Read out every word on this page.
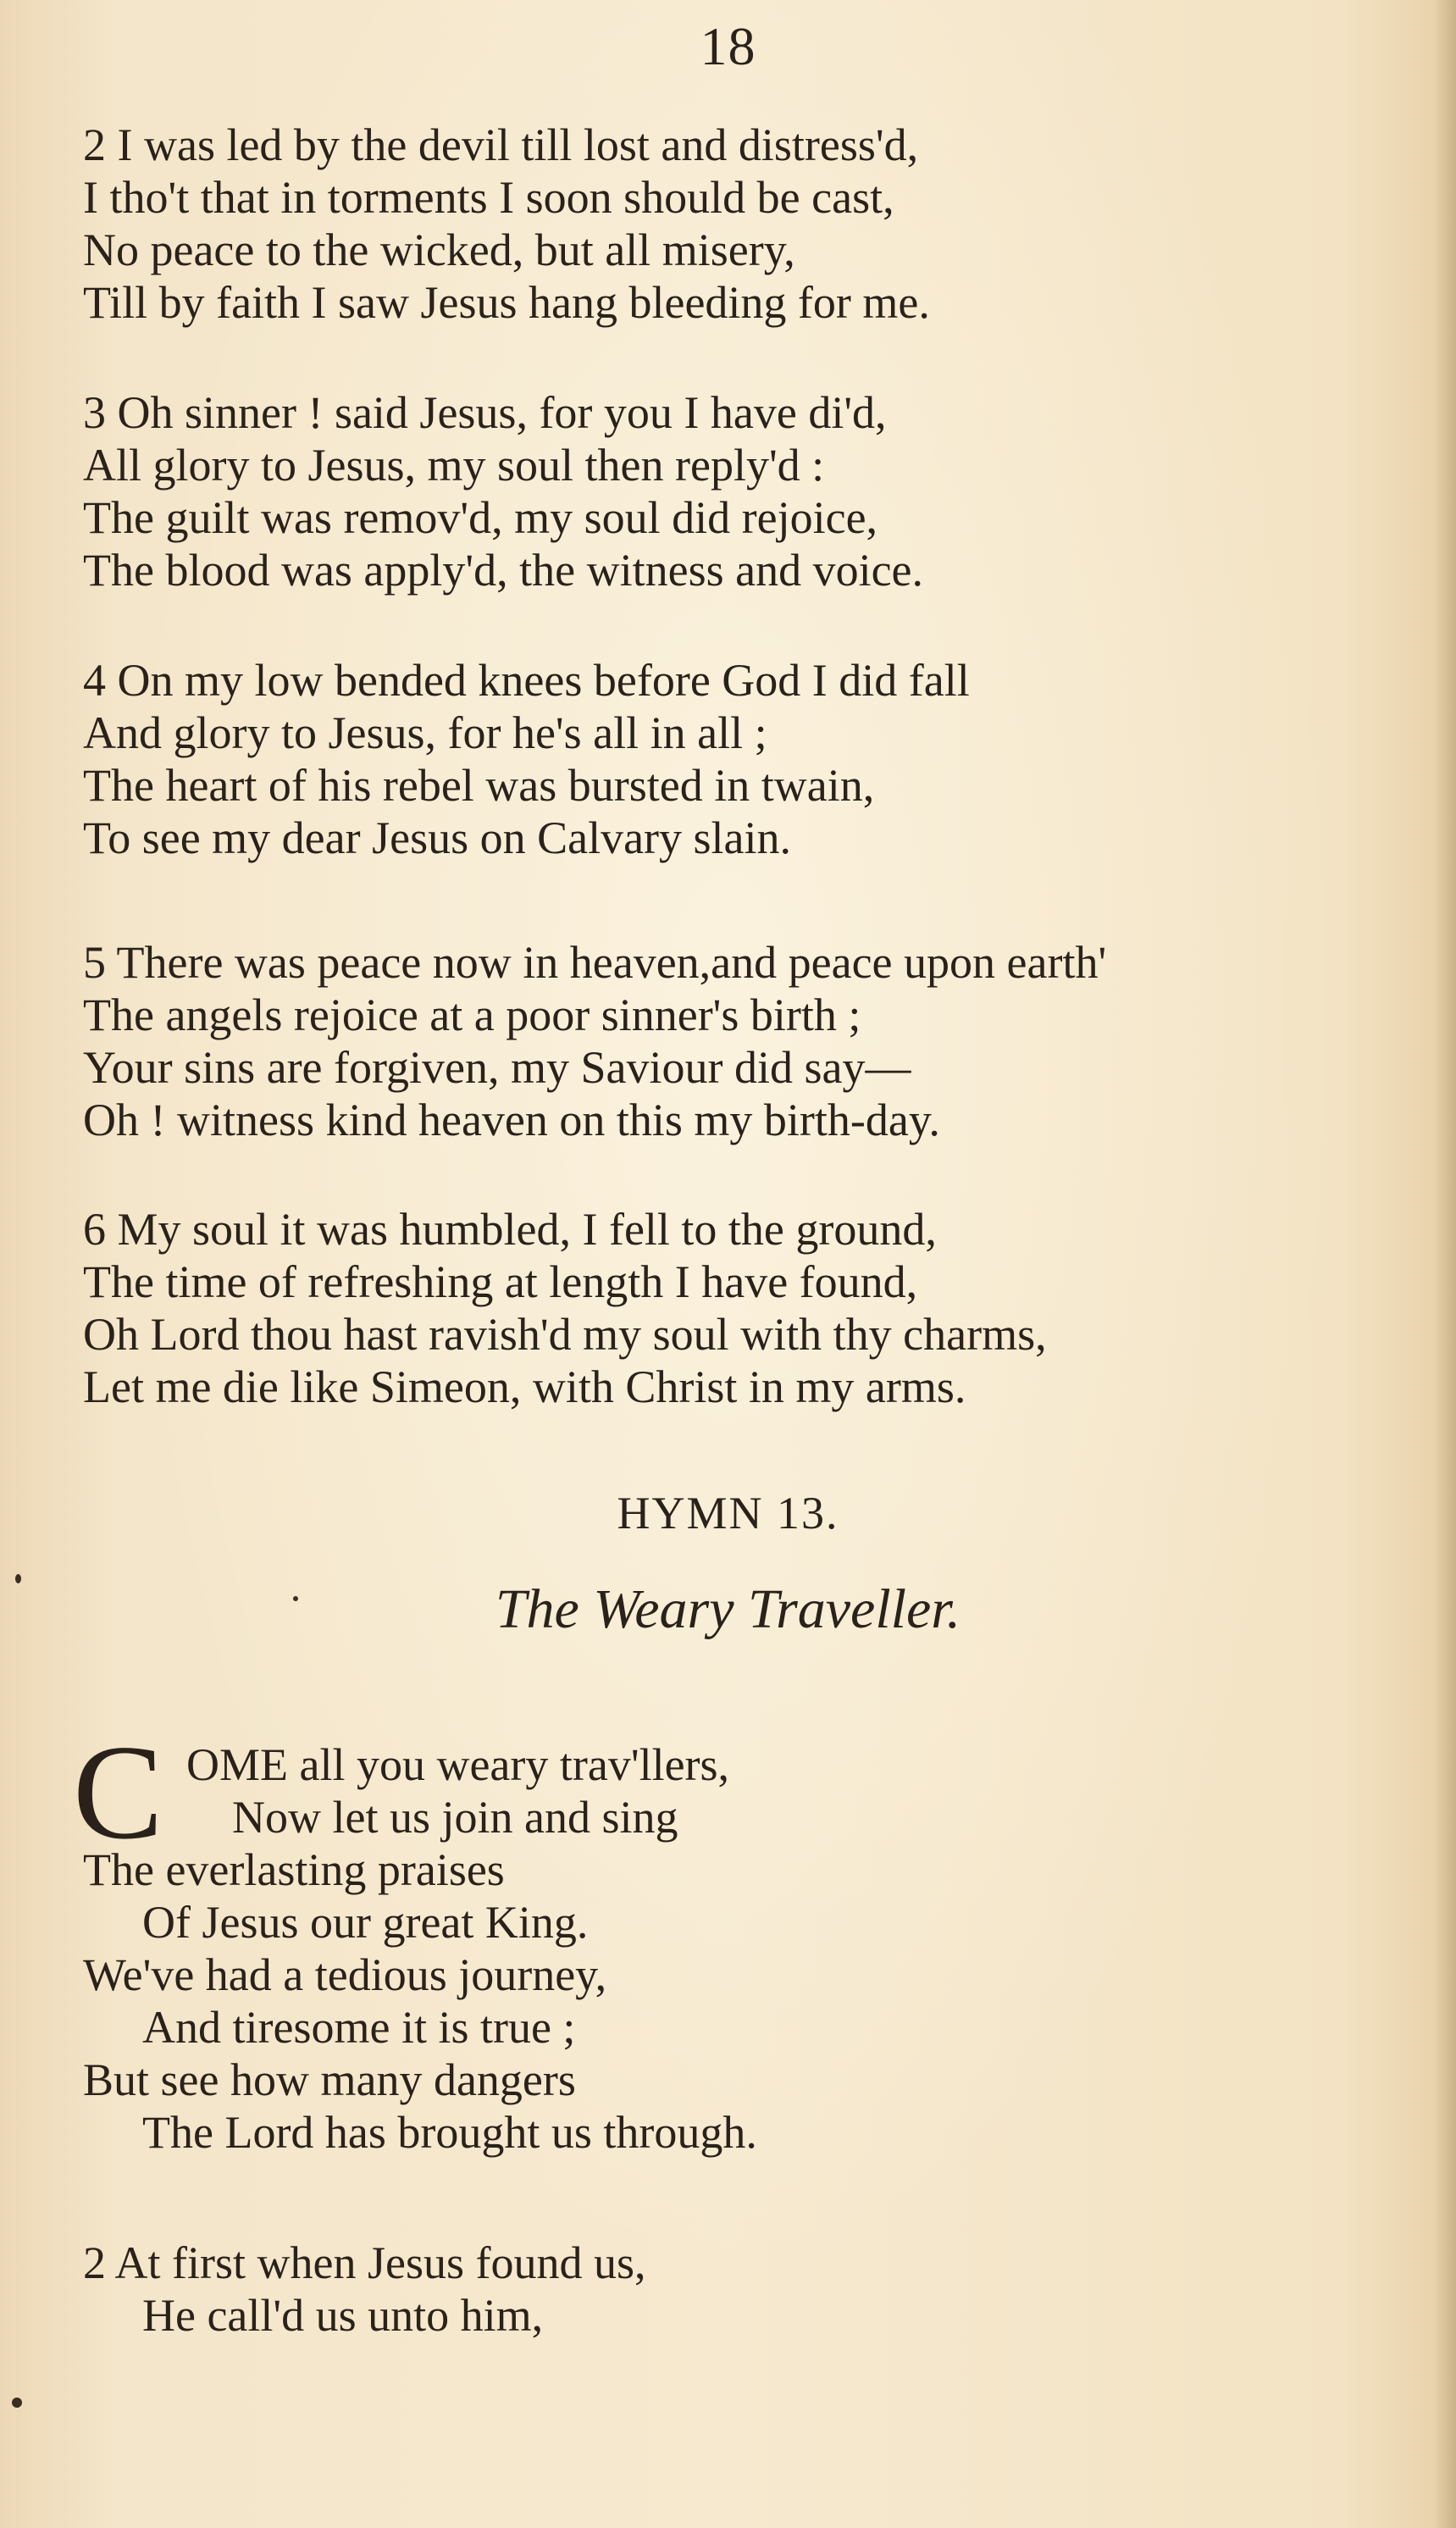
18
2 I was led by the devil till lost and distress'd,
I tho't that in torments I soon should be cast,
No peace to the wicked, but all misery,
Till by faith I saw Jesus hang bleeding for me.
3 Oh sinner ! said Jesus, for you I have di'd,
All glory to Jesus, my soul then reply'd :
The guilt was remov'd, my soul did rejoice,
The blood was apply'd, the witness and voice.
4 On my low bended knees before God I did fall
And glory to Jesus, for he's all in all ;
The heart of his rebel was bursted in twain,
To see my dear Jesus on Calvary slain.
5 There was peace now in heaven,and peace upon earth'
The angels rejoice at a poor sinner's birth ;
Your sins are forgiven, my Saviour did say—
Oh ! witness kind heaven on this my birth-day.
6 My soul it was humbled, I fell to the ground,
The time of refreshing at length I have found,
Oh Lord thou hast ravish'd my soul with thy charms,
Let me die like Simeon, with Christ in my arms.
HYMN 13.
The Weary Traveller.
C OME all you weary trav'llers,
Now let us join and sing
The everlasting praises
Of Jesus our great King.
We've had a tedious journey,
And tiresome it is true ;
But see how many dangers
The Lord has brought us through.
2 At first when Jesus found us,
He call'd us unto him,
